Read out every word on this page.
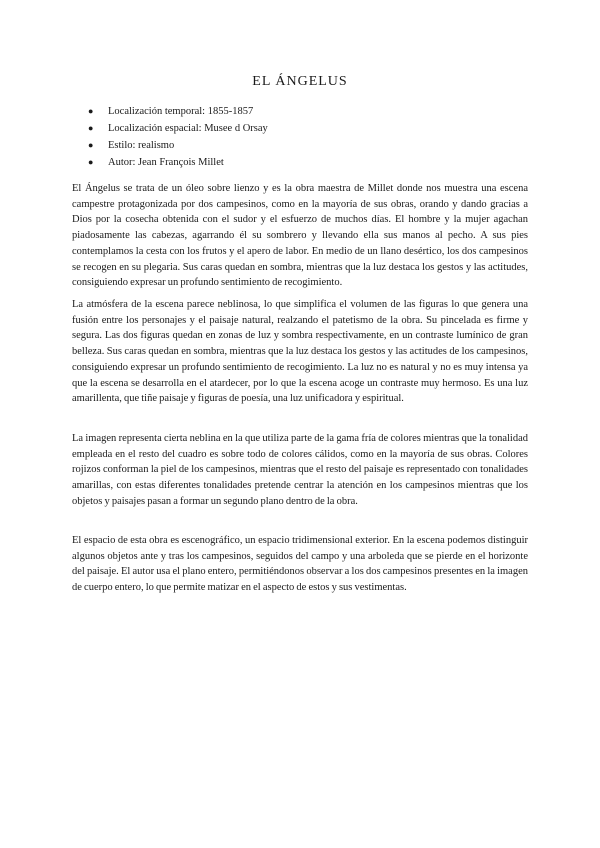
EL ÁNGELUS
● Localización temporal: 1855-1857
● Localización espacial: Musee d Orsay
● Estilo: realismo
● Autor: Jean François Millet

El Ángelus se trata de un óleo sobre lienzo y es la obra maestra de Millet donde nos muestra una escena campestre protagonizada por dos campesinos, como en la mayoría de sus obras, orando y dando gracias a Dios por la cosecha obtenida con el sudor y el esfuerzo de muchos días. El hombre y la mujer agachan piadosamente las cabezas, agarrando él su sombrero y llevando ella sus manos al pecho. A sus pies contemplamos la cesta con los frutos y el apero de labor. En medio de un llano desértico, los dos campesinos se recogen en su plegaria. Sus caras quedan en sombra, mientras que la luz destaca los gestos y las actitudes, consiguiendo expresar un profundo sentimiento de recogimiento.

La atmósfera de la escena parece neblinosa, lo que simplifica el volumen de las figuras lo que genera una fusión entre los personajes y el paisaje natural, realzando el patetismo de la obra. Su pincelada es firme y segura. Las dos figuras quedan en zonas de luz y sombra respectivamente, en un contraste lumínico de gran belleza. Sus caras quedan en sombra, mientras que la luz destaca los gestos y las actitudes de los campesinos, consiguiendo expresar un profundo sentimiento de recogimiento. La luz no es natural y no es muy intensa ya que la escena se desarrolla en el atardecer, por lo que la escena acoge un contraste muy hermoso. Es una luz amarillenta, que tiñe paisaje y figuras de poesía, una luz unificadora y espiritual.

La imagen representa cierta neblina en la que utiliza parte de la gama fría de colores mientras que la tonalidad empleada en el resto del cuadro es sobre todo de colores cálidos, como en la mayoría de sus obras. Colores rojizos conforman la piel de los campesinos, mientras que el resto del paisaje es representado con tonalidades amarillas, con estas diferentes tonalidades pretende centrar la atención en los campesinos mientras que los objetos y paisajes pasan a formar un segundo plano dentro de la obra.

El espacio de esta obra es escenográfico, un espacio tridimensional exterior. En la escena podemos distinguir algunos objetos ante y tras los campesinos, seguidos del campo y una arboleda que se pierde en el horizonte del paisaje. El autor usa el plano entero, permitiéndonos observar a los dos campesinos presentes en la imagen de cuerpo entero, lo que permite matizar en el aspecto de estos y sus vestimentas.
